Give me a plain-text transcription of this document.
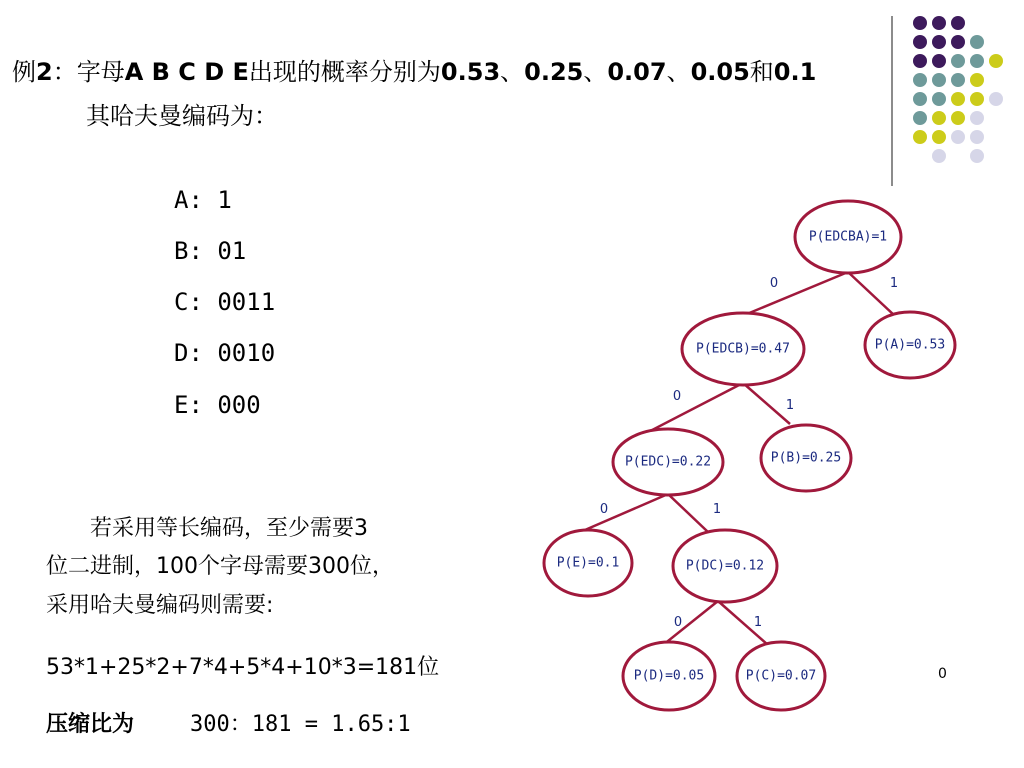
例2：字母A B C D E出现的概率分别为0.53、0.25、0.07、0.05和0.1
其哈夫曼编码为：
A: 1
B: 01
C: 0011
D: 0010
E: 000
若采用等长编码，至少需要3
位二进制，100个字母需要300位，
采用哈夫曼编码则需要:
53*1+25*2+7*4+5*4+10*3=181位
压缩比为	300：181 = 1.65:1
0
0	1
0
1
0	1
0	1
P(EDCBA)=1
P(EDCB)=0.47	P(A)=0.53
P(EDC)=0.22	P(B)=0.25
P(E)=0.1	P(DC)=0.12
P(D)=0.05	P(C)=0.07
